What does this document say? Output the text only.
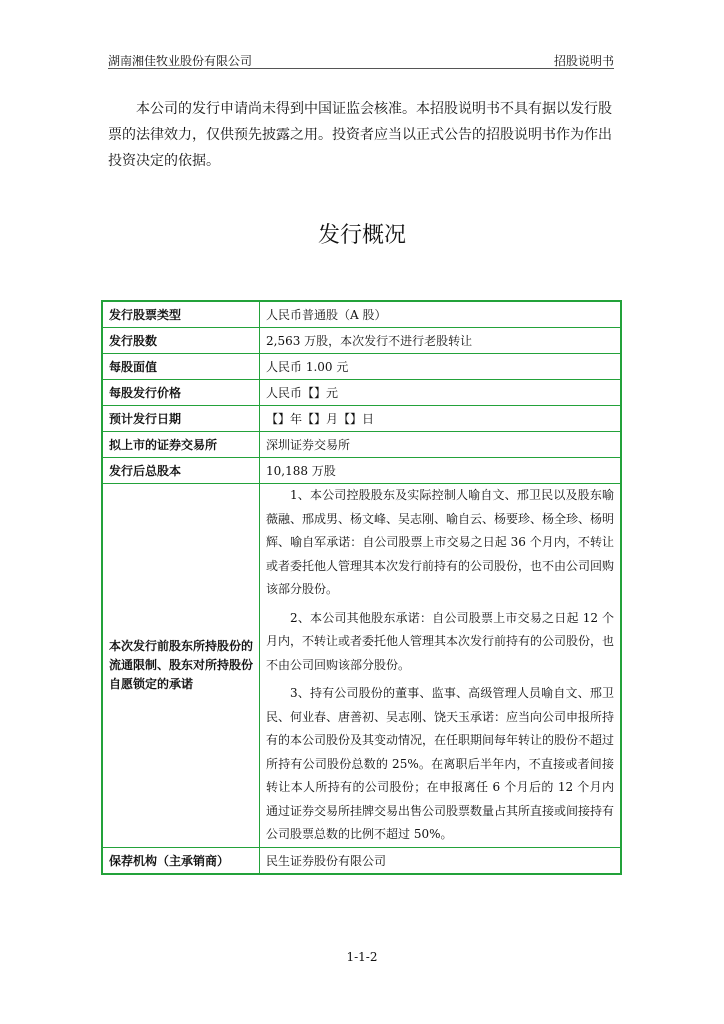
湖南湘佳牧业股份有限公司	招股说明书

本公司的发行申请尚未得到中国证监会核准。本招股说明书不具有据以发行股票的法律效力，仅供预先披露之用。投资者应当以正式公告的招股说明书作为作出投资决定的依据。

发行概况
发行股票类型	人民币普通股（A 股）
发行股数	2,563 万股，本次发行不进行老股转让
每股面值	人民币 1.00 元
每股发行价格	人民币【】元
预计发行日期	【】年【】月【】日
拟上市的证券交易所	深圳证券交易所
发行后总股本	10,188 万股
本次发行前股东所持股份的流通限制、股东对所持股份自愿锁定的承诺	1、本公司控股股东及实际控制人喻自文、邢卫民以及股东喻薇融、邢成男、杨文峰、吴志刚、喻自云、杨要珍、杨全珍、杨明辉、喻自军承诺：自公司股票上市交易之日起 36 个月内，不转让或者委托他人管理其本次发行前持有的公司股份，也不由公司回购该部分股份。

2、本公司其他股东承诺：自公司股票上市交易之日起 12 个月内，不转让或者委托他人管理其本次发行前持有的公司股份，也不由公司回购该部分股份。

3、持有公司股份的董事、监事、高级管理人员喻自文、邢卫民、何业春、唐善初、吴志刚、饶天玉承诺：应当向公司申报所持有的本公司股份及其变动情况，在任职期间每年转让的股份不超过所持有公司股份总数的 25%。在离职后半年内，不直接或者间接转让本人所持有的公司股份；在申报离任 6 个月后的 12 个月内通过证券交易所挂牌交易出售公司股票数量占其所直接或间接持有公司股票总数的比例不超过 50%。

保荐机构（主承销商）	民生证券股份有限公司
1-1-2
